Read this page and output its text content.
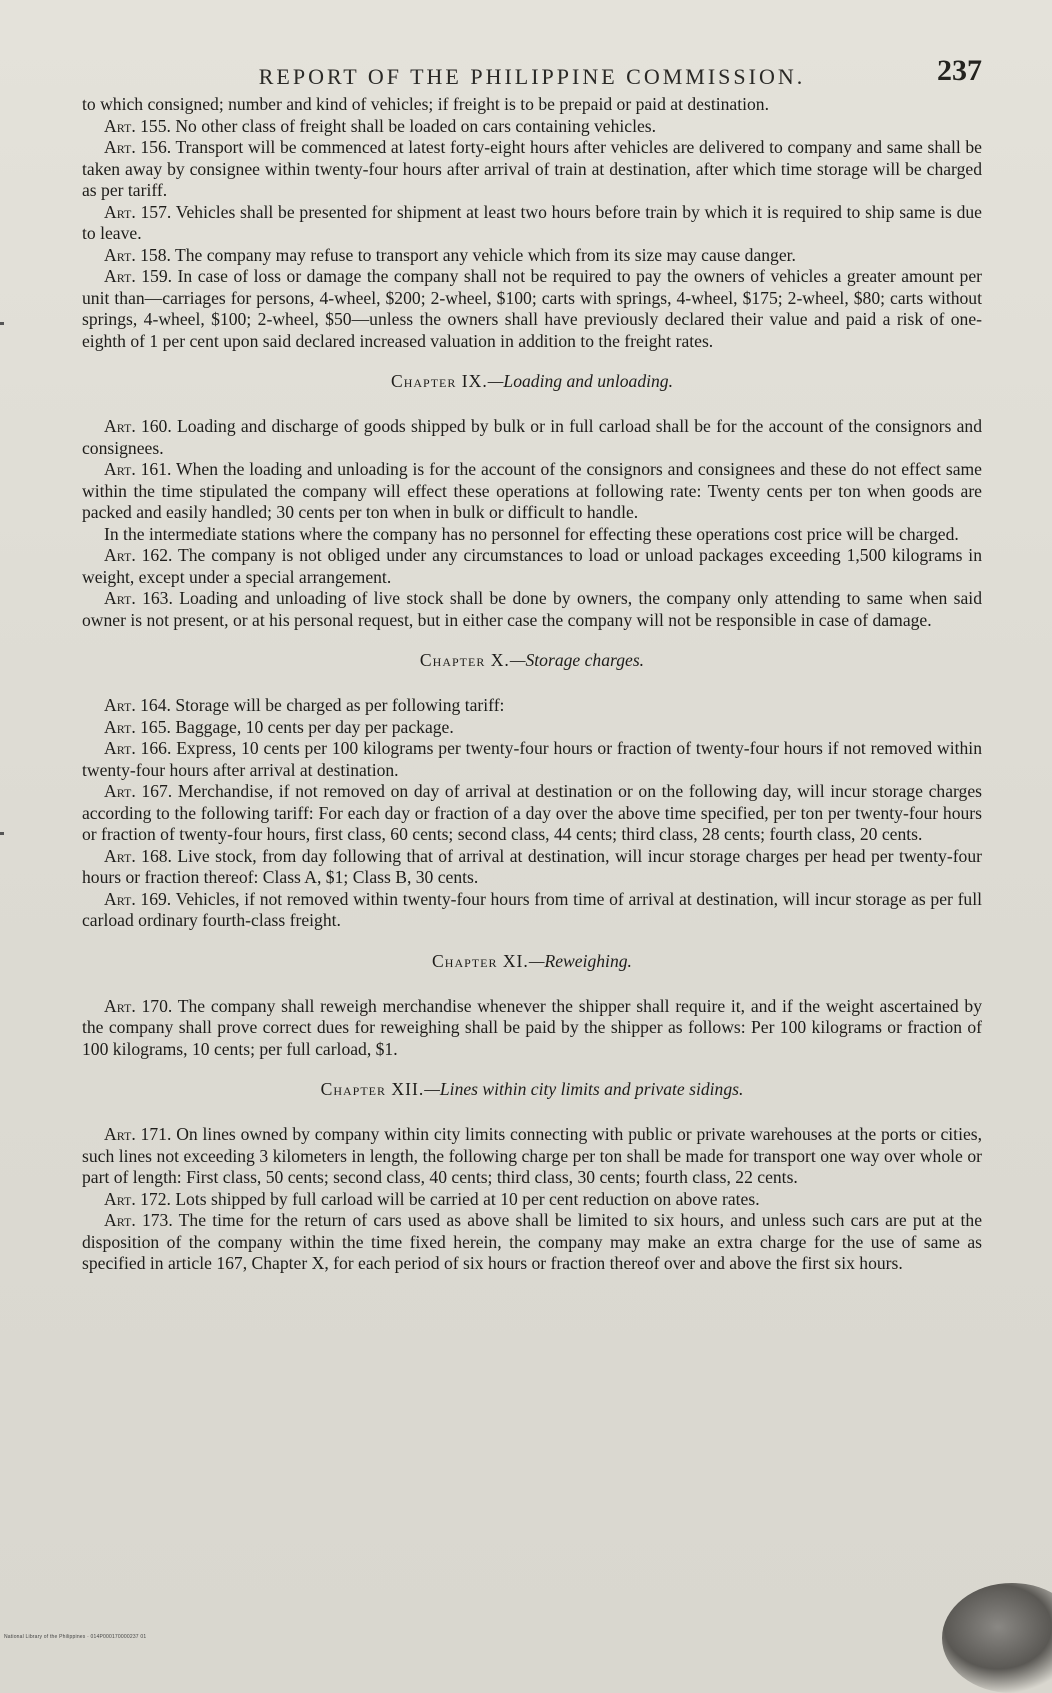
REPORT OF THE PHILIPPINE COMMISSION.	237

to which consigned; number and kind of vehicles; if freight is to be prepaid or paid at destination.

Art. 155. No other class of freight shall be loaded on cars containing vehicles.

Art. 156. Transport will be commenced at latest forty-eight hours after vehicles are delivered to company and same shall be taken away by consignee within twenty-four hours after arrival of train at destination, after which time storage will be charged as per tariff.

Art. 157. Vehicles shall be presented for shipment at least two hours before train by which it is required to ship same is due to leave.

Art. 158. The company may refuse to transport any vehicle which from its size may cause danger.

Art. 159. In case of loss or damage the company shall not be required to pay the owners of vehicles a greater amount per unit than—carriages for persons, 4-wheel, $200; 2-wheel, $100; carts with springs, 4-wheel, $175; 2-wheel, $80; carts without springs, 4-wheel, $100; 2-wheel, $50—unless the owners shall have previously declared their value and paid a risk of one-eighth of 1 per cent upon said declared increased valuation in addition to the freight rates.

Chapter IX.—Loading and unloading.

Art. 160. Loading and discharge of goods shipped by bulk or in full carload shall be for the account of the consignors and consignees.

Art. 161. When the loading and unloading is for the account of the consignors and consignees and these do not effect same within the time stipulated the company will effect these operations at following rate: Twenty cents per ton when goods are packed and easily handled; 30 cents per ton when in bulk or difficult to handle.

In the intermediate stations where the company has no personnel for effecting these operations cost price will be charged.

Art. 162. The company is not obliged under any circumstances to load or unload packages exceeding 1,500 kilograms in weight, except under a special arrangement.

Art. 163. Loading and unloading of live stock shall be done by owners, the company only attending to same when said owner is not present, or at his personal request, but in either case the company will not be responsible in case of damage.

Chapter X.—Storage charges.

Art. 164. Storage will be charged as per following tariff:

Art. 165. Baggage, 10 cents per day per package.

Art. 166. Express, 10 cents per 100 kilograms per twenty-four hours or fraction of twenty-four hours if not removed within twenty-four hours after arrival at destination.

Art. 167. Merchandise, if not removed on day of arrival at destination or on the following day, will incur storage charges according to the following tariff: For each day or fraction of a day over the above time specified, per ton per twenty-four hours or fraction of twenty-four hours, first class, 60 cents; second class, 44 cents; third class, 28 cents; fourth class, 20 cents.

Art. 168. Live stock, from day following that of arrival at destination, will incur storage charges per head per twenty-four hours or fraction thereof: Class A, $1; Class B, 30 cents.

Art. 169. Vehicles, if not removed within twenty-four hours from time of arrival at destination, will incur storage as per full carload ordinary fourth-class freight.

Chapter XI.—Reweighing.

Art. 170. The company shall reweigh merchandise whenever the shipper shall require it, and if the weight ascertained by the company shall prove correct dues for reweighing shall be paid by the shipper as follows: Per 100 kilograms or fraction of 100 kilograms, 10 cents; per full carload, $1.

Chapter XII.—Lines within city limits and private sidings.

Art. 171. On lines owned by company within city limits connecting with public or private warehouses at the ports or cities, such lines not exceeding 3 kilometers in length, the following charge per ton shall be made for transport one way over whole or part of length: First class, 50 cents; second class, 40 cents; third class, 30 cents; fourth class, 22 cents.

Art. 172. Lots shipped by full carload will be carried at 10 per cent reduction on above rates.

Art. 173. The time for the return of cars used as above shall be limited to six hours, and unless such cars are put at the disposition of the company within the time fixed herein, the company may make an extra charge for the use of same as specified in article 167, Chapter X, for each period of six hours or fraction thereof over and above the first six hours.

National Library of the Philippines · 014P000170000237 01
